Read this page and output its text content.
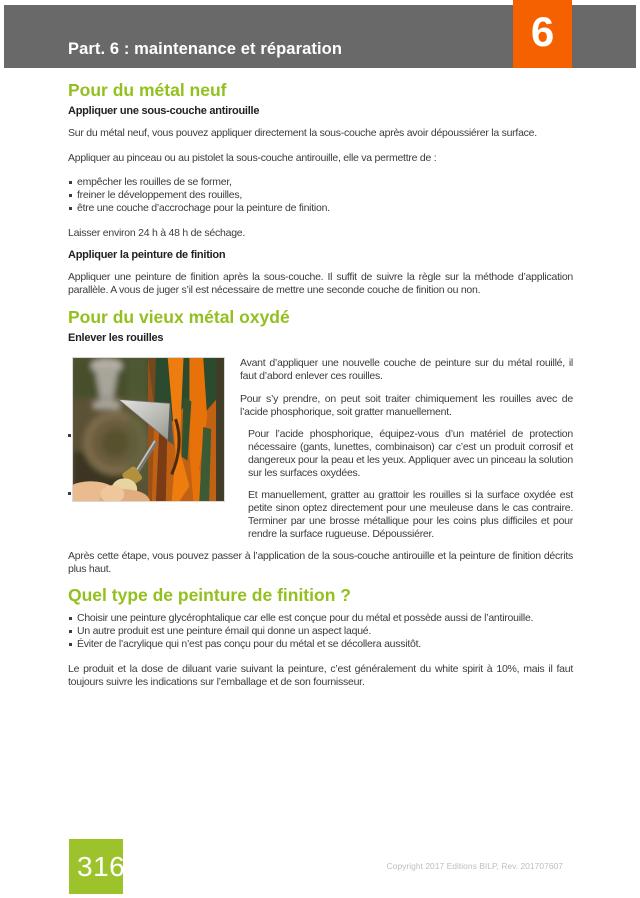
Part. 6 : maintenance et réparation	6
Pour du métal neuf
Appliquer une sous-couche antirouille

Sur du métal neuf, vous pouvez appliquer directement la sous-couche après avoir dépoussiérer la surface.

Appliquer au pinceau ou au pistolet la sous-couche antirouille, elle va permettre de :

empêcher les rouilles de se former,
freiner le développement des rouilles,
être une couche d’accrochage pour la peinture de finition.

Laisser environ 24 h à 48 h de séchage.

Appliquer la peinture de finition

Appliquer une peinture de finition après la sous-couche. Il suffit de suivre la règle sur la méthode d’application parallèle. A vous de juger s’il est nécessaire de mettre une seconde couche de finition ou non.

Pour du vieux métal oxydé
Enlever les rouilles

Avant d’appliquer une nouvelle couche de peinture sur du métal rouillé, il faut d’abord enlever ces rouilles.

Pour s’y prendre, on peut soit traiter chimiquement les rouilles avec de l’acide phosphorique, soit gratter manuellement.

Pour l’acide phosphorique, équipez-vous d’un matériel de protection nécessaire (gants, lunettes, combinaison) car c’est un produit corrosif et dangereux pour la peau et les yeux. Appliquer avec un pinceau la solution sur les surfaces oxydées.

Et manuellement, gratter au grattoir les rouilles si la surface oxydée est petite sinon optez directement pour une meuleuse dans le cas contraire. Terminer par une brosse métallique pour les coins plus difficiles et pour rendre la surface rugueuse. Dépoussiérer.

Après cette étape, vous pouvez passer à l’application de la sous-couche antirouille et la peinture de finition décrits plus haut.

Quel type de peinture de finition ?
Choisir une peinture glycérophtalique car elle est conçue pour du métal et possède aussi de l’antirouille.
Un autre produit est une peinture émail qui donne un aspect laqué.
Éviter de l’acrylique qui n’est pas conçu pour du métal et se décollera aussitôt.

Le produit et la dose de diluant varie suivant la peinture, c’est généralement du white spirit à 10%, mais il faut toujours suivre les indications sur l’emballage et de son fournisseur.

316	Copyright 2017 Editions BILP, Rev. 201707607
